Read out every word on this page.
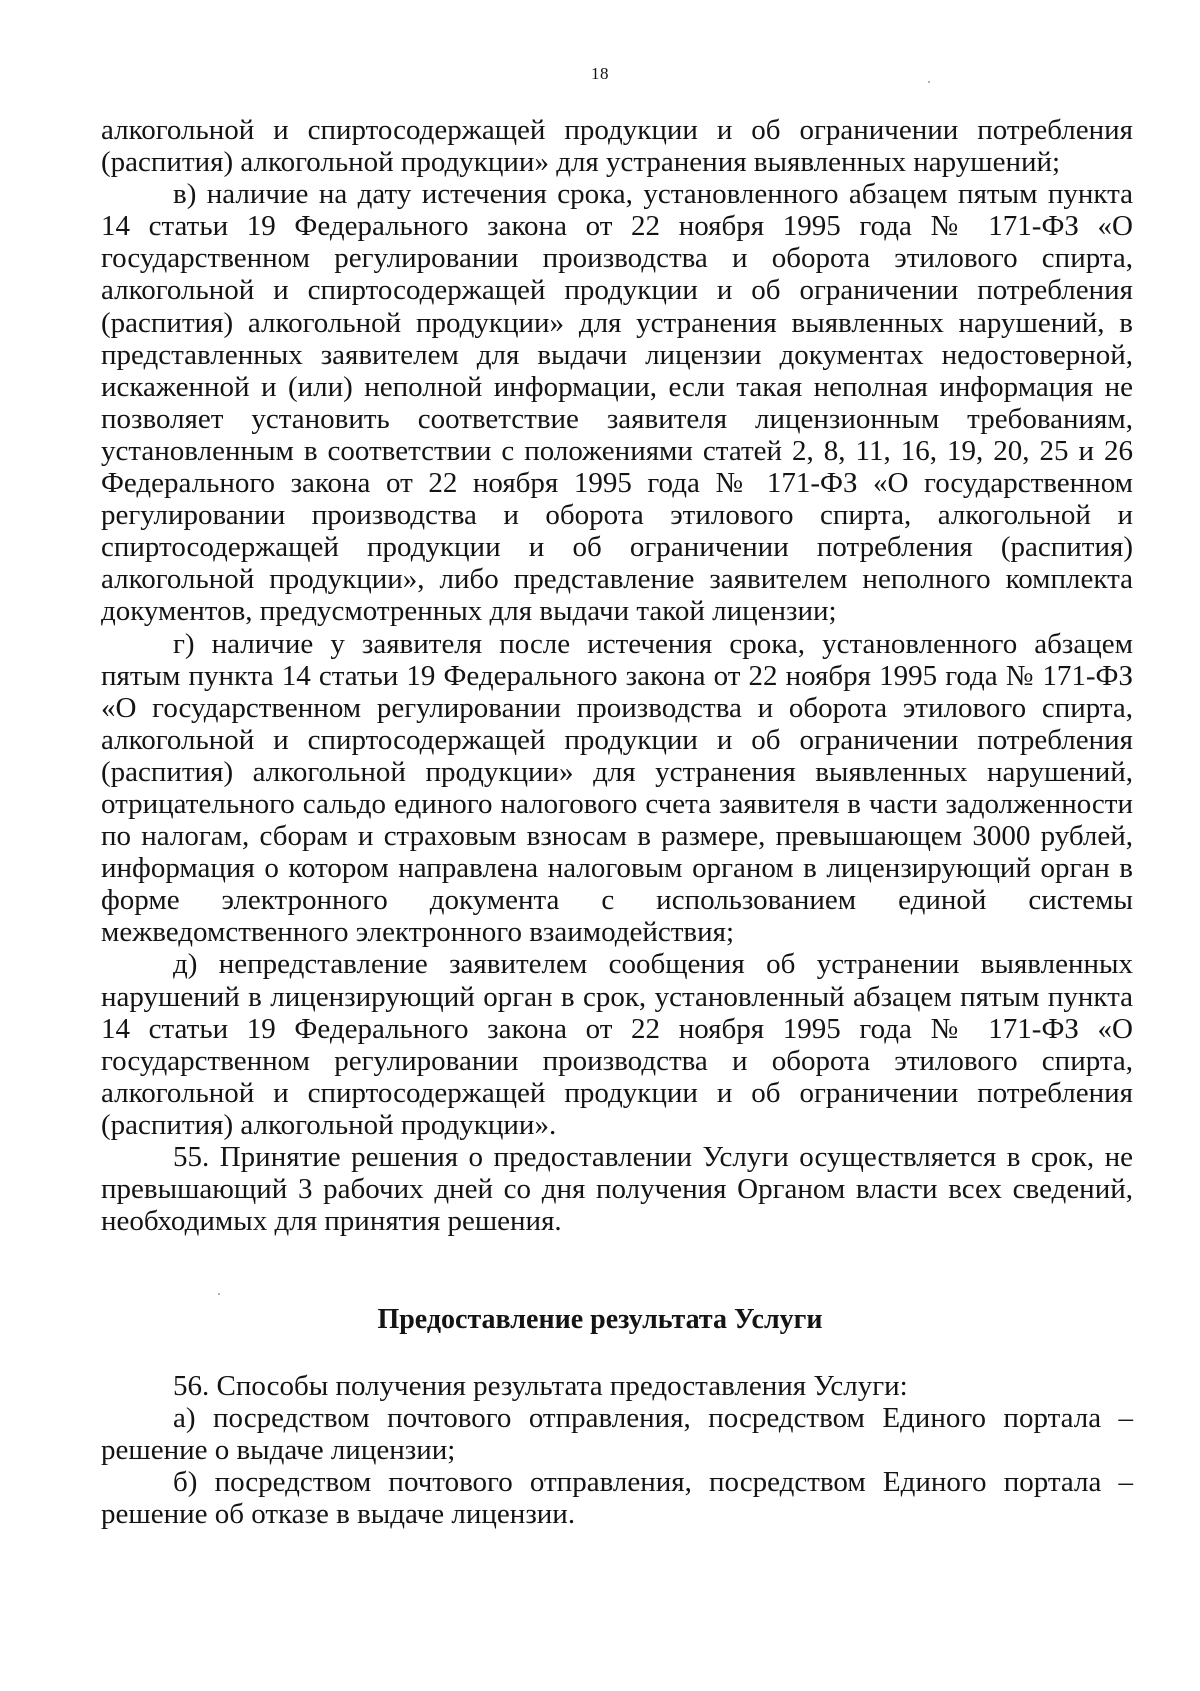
18

алкогольной и спиртосодержащей продукции и об ограничении потребления (распития) алкогольной продукции» для устранения выявленных нарушений;

в) наличие на дату истечения срока, установленного абзацем пятым пункта 14 статьи 19 Федерального закона от 22 ноября 1995 года № 171-ФЗ «О государственном регулировании производства и оборота этилового спирта, алкогольной и спиртосодержащей продукции и об ограничении потребления (распития) алкогольной продукции» для устранения выявленных нарушений, в представленных заявителем для выдачи лицензии документах недостоверной, искаженной и (или) неполной информации, если такая неполная информация не позволяет установить соответствие заявителя лицензионным требованиям, установленным в соответствии с положениями статей 2, 8, 11, 16, 19, 20, 25 и 26 Федерального закона от 22 ноября 1995 года № 171-ФЗ «О государственном регулировании производства и оборота этилового спирта, алкогольной и спиртосодержащей продукции и об ограничении потребления (распития) алкогольной продукции», либо представление заявителем неполного комплекта документов, предусмотренных для выдачи такой лицензии;

г) наличие у заявителя после истечения срока, установленного абзацем пятым пункта 14 статьи 19 Федерального закона от 22 ноября 1995 года № 171-ФЗ «О государственном регулировании производства и оборота этилового спирта, алкогольной и спиртосодержащей продукции и об ограничении потребления (распития) алкогольной продукции» для устранения выявленных нарушений, отрицательного сальдо единого налогового счета заявителя в части задолженности по налогам, сборам и страховым взносам в размере, превышающем 3000 рублей, информация о котором направлена налоговым органом в лицензирующий орган в форме электронного документа с использованием единой системы межведомственного электронного взаимодействия;

д) непредставление заявителем сообщения об устранении выявленных нарушений в лицензирующий орган в срок, установленный абзацем пятым пункта 14 статьи 19 Федерального закона от 22 ноября 1995 года № 171-ФЗ «О государственном регулировании производства и оборота этилового спирта, алкогольной и спиртосодержащей продукции и об ограничении потребления (распития) алкогольной продукции».

55. Принятие решения о предоставлении Услуги осуществляется в срок, не превышающий 3 рабочих дней со дня получения Органом власти всех сведений, необходимых для принятия решения.

Предоставление результата Услуги

56. Способы получения результата предоставления Услуги:

а) посредством почтового отправления, посредством Единого портала – решение о выдаче лицензии;

б) посредством почтового отправления, посредством Единого портала – решение об отказе в выдаче лицензии.
